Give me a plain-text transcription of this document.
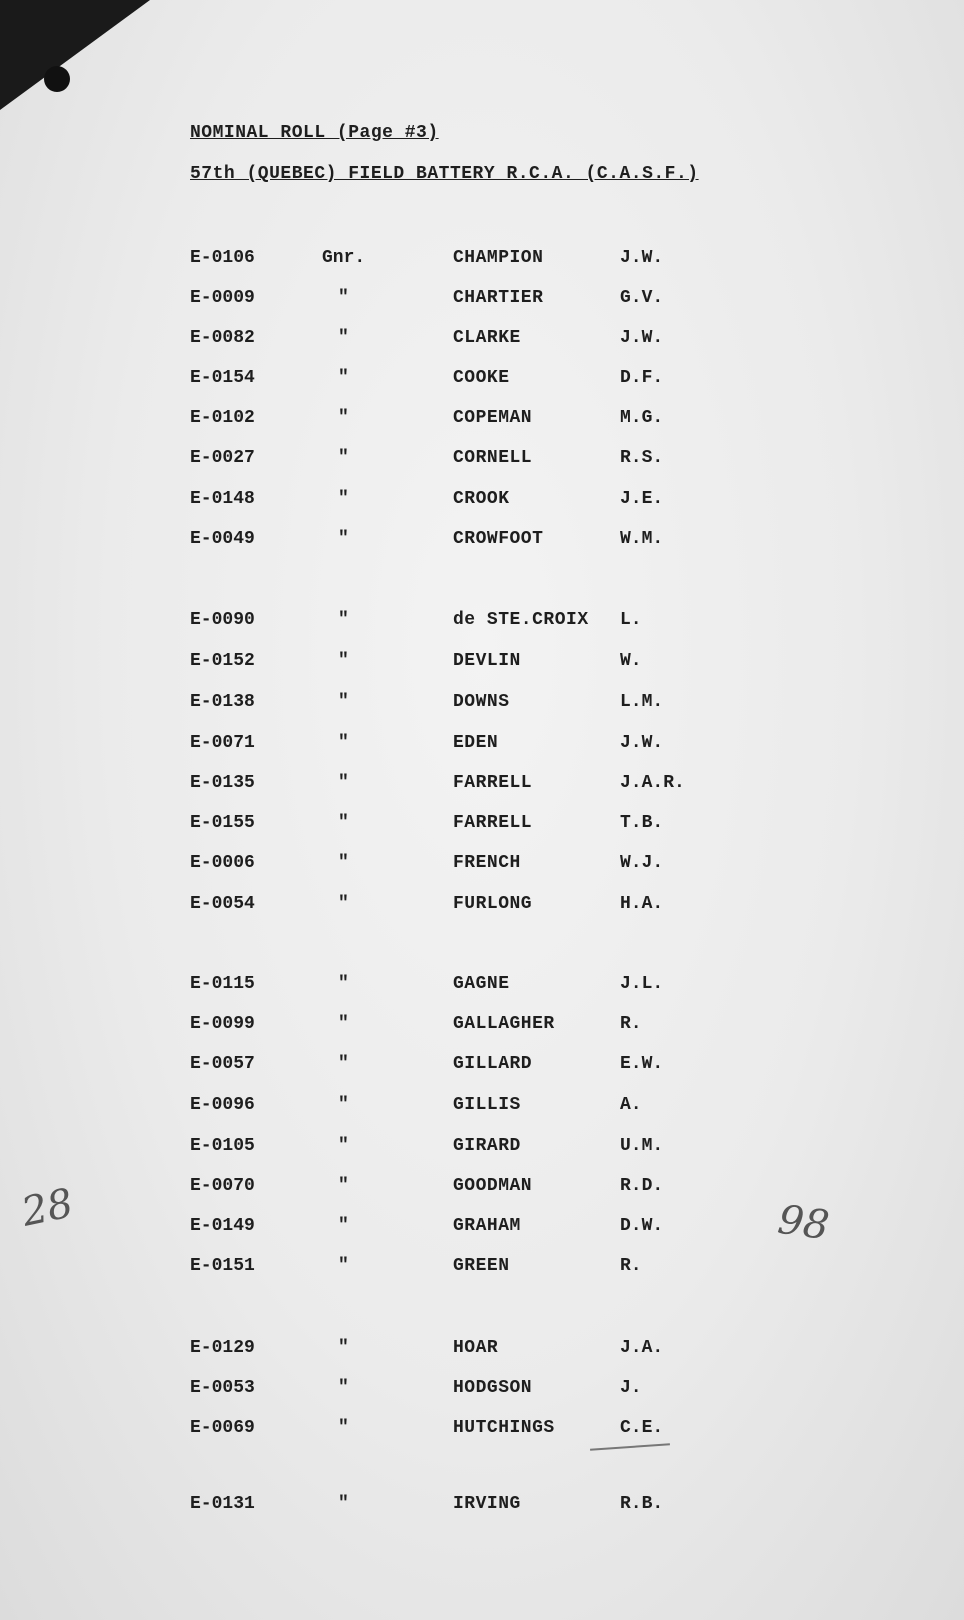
NOMINAL ROLL (Page #3)
57th (QUEBEC) FIELD BATTERY R.C.A. (C.A.S.F.)
E-0106	Gnr.	CHAMPION	J.W.
E-0009	"	CHARTIER	G.V.
E-0082	"	CLARKE	J.W.
E-0154	"	COOKE	D.F.
E-0102	"	COPEMAN	M.G.
E-0027	"	CORNELL	R.S.
E-0148	"	CROOK	J.E.
E-0049	"	CROWFOOT	W.M.
E-0090	"	de STE.CROIX L.
E-0152	"	DEVLIN	W.
E-0138	"	DOWNS	L.M.
E-0071	"	EDEN	J.W.
E-0135	"	FARRELL	J.A.R.
E-0155	"	FARRELL	T.B.
E-0006	"	FRENCH	W.J.
E-0054	"	FURLONG	H.A.
E-0115	"	GAGNE	J.L.
E-0099	"	GALLAGHER	R.
E-0057	"	GILLARD	E.W.
E-0096	"	GILLIS	A.
E-0105	"	GIRARD	U.M.
E-0070	"	GOODMAN	R.D.
E-0149	"	GRAHAM	D.W.
E-0151	"	GREEN	R.
E-0129	"	HOAR	J.A.
E-0053	"	HODGSON	J.
E-0069	"	HUTCHINGS	C.E.
E-0131	"	IRVING	R.B.
28	98
